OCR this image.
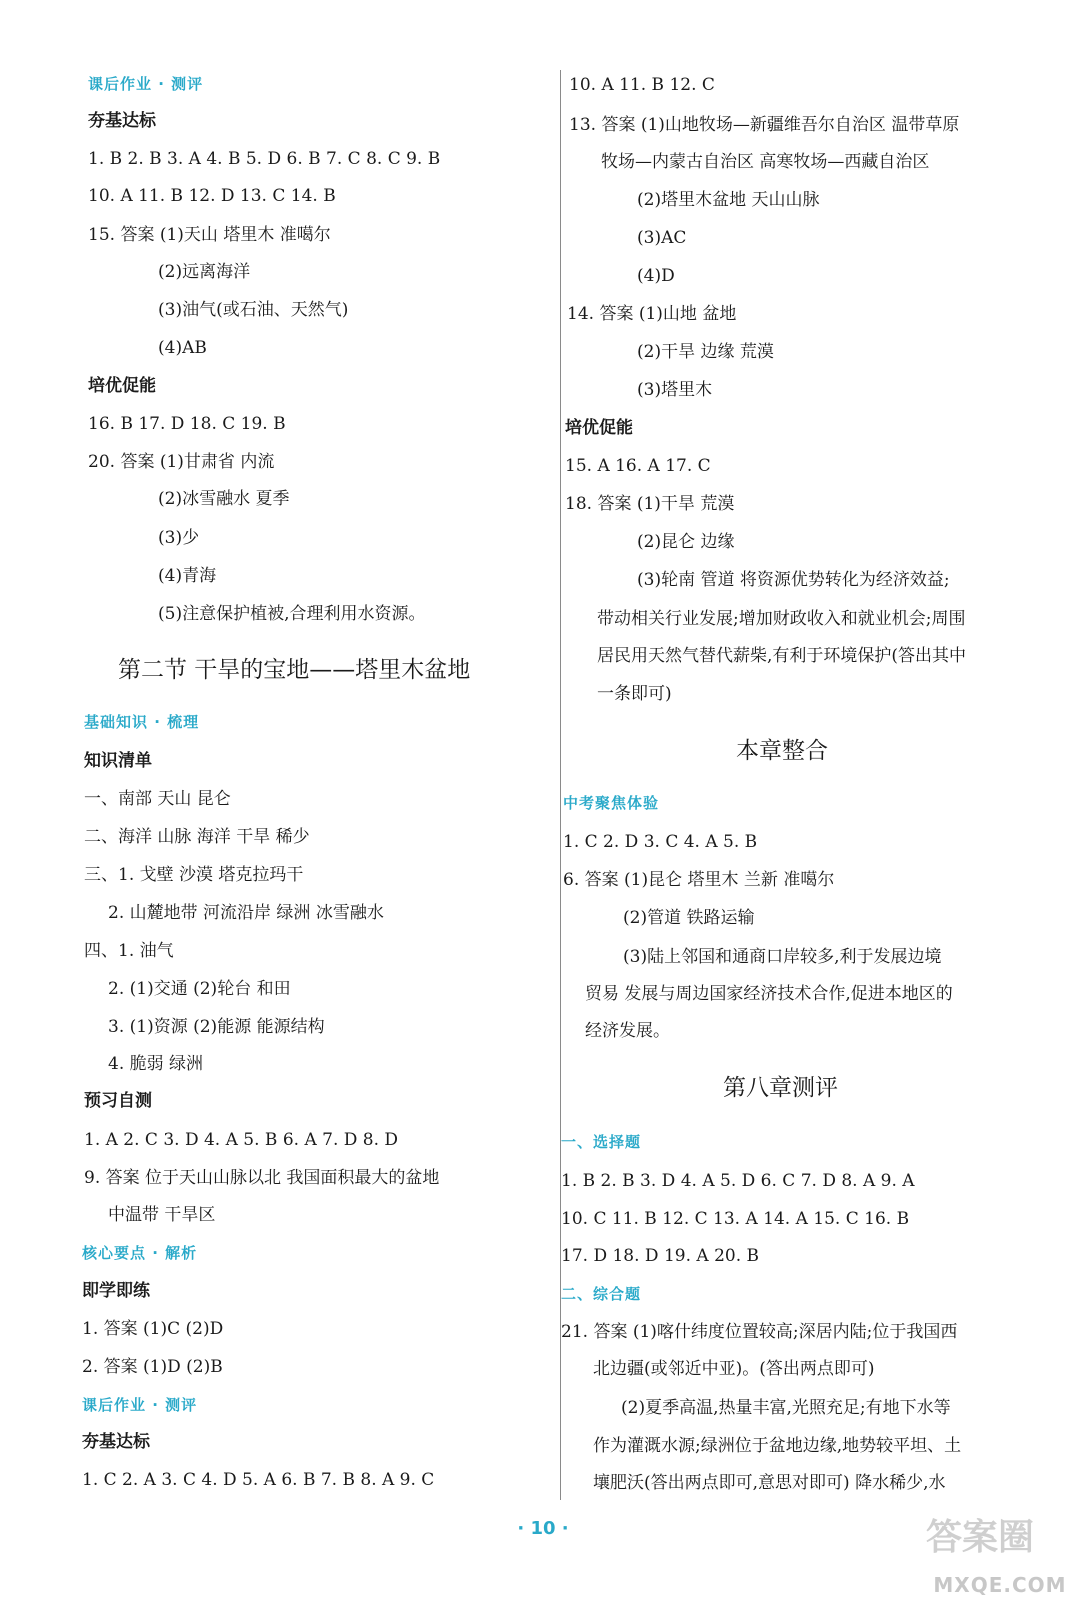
课后作业 · 测评
夯基达标
1. B 2. B 3. A 4. B 5. D 6. B 7. C 8. C 9. B
10. A 11. B 12. D 13. C 14. B
15. 答案 (1)天山 塔里木 准噶尔
(2)远离海洋
(3)油气(或石油、天然气)
(4)AB
培优促能
16. B 17. D 18. C 19. B
20. 答案 (1)甘肃省 内流
(2)冰雪融水 夏季
(3)少
(4)青海
(5)注意保护植被,合理利用水资源。
第二节 干旱的宝地——塔里木盆地
基础知识 · 梳理
知识清单
一、南部 天山 昆仑
二、海洋 山脉 海洋 干旱 稀少
三、1. 戈壁 沙漠 塔克拉玛干
2. 山麓地带 河流沿岸 绿洲 冰雪融水
四、1. 油气
2. (1)交通 (2)轮台 和田
3. (1)资源 (2)能源 能源结构
4. 脆弱 绿洲
预习自测
1. A 2. C 3. D 4. A 5. B 6. A 7. D 8. D
9. 答案 位于天山山脉以北 我国面积最大的盆地
中温带 干旱区
核心要点 · 解析
即学即练
1. 答案 (1)C (2)D
2. 答案 (1)D (2)B
课后作业 · 测评
夯基达标
1. C 2. A 3. C 4. D 5. A 6. B 7. B 8. A 9. C
10. A 11. B 12. C
13. 答案 (1)山地牧场—新疆维吾尔自治区 温带草原
牧场—内蒙古自治区 高寒牧场—西藏自治区
(2)塔里木盆地 天山山脉
(3)AC
(4)D
14. 答案 (1)山地 盆地
(2)干旱 边缘 荒漠
(3)塔里木
培优促能
15. A 16. A 17. C
18. 答案 (1)干旱 荒漠
(2)昆仑 边缘
(3)轮南 管道 将资源优势转化为经济效益;
带动相关行业发展;增加财政收入和就业机会;周围
居民用天然气替代薪柴,有利于环境保护(答出其中
一条即可)
本章整合
中考聚焦体验
1. C 2. D 3. C 4. A 5. B
6. 答案 (1)昆仑 塔里木 兰新 准噶尔
(2)管道 铁路运输
(3)陆上邻国和通商口岸较多,利于发展边境
贸易 发展与周边国家经济技术合作,促进本地区的
经济发展。
第八章测评
一、选择题
1. B 2. B 3. D 4. A 5. D 6. C 7. D 8. A 9. A
10. C 11. B 12. C 13. A 14. A 15. C 16. B
17. D 18. D 19. A 20. B
二、综合题
21. 答案 (1)喀什纬度位置较高;深居内陆;位于我国西
北边疆(或邻近中亚)。(答出两点即可)
(2)夏季高温,热量丰富,光照充足;有地下水等
作为灌溉水源;绿洲位于盆地边缘,地势较平坦、土
壤肥沃(答出两点即可,意思对即可) 降水稀少,水
· 10 ·	答案圈
MXQE.COM
